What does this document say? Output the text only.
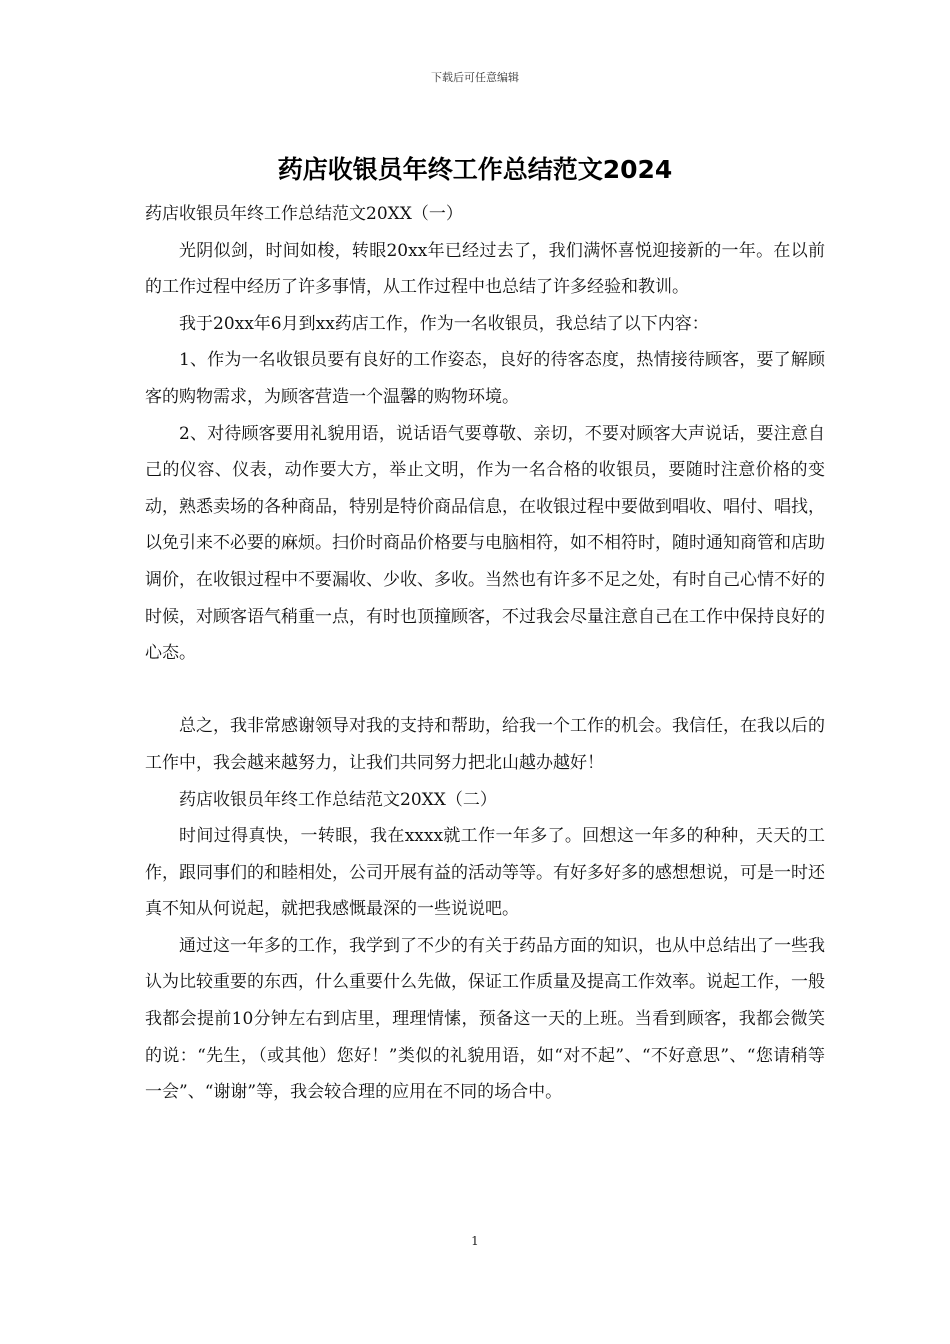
下载后可任意编辑
药店收银员年终工作总结范文2024

药店收银员年终工作总结范文20XX（一）

光阴似剑，时间如梭，转眼20xx年已经过去了，我们满怀喜悦迎接新的一年。在以前的工作过程中经历了许多事情，从工作过程中也总结了许多经验和教训。

我于20xx年6月到xx药店工作，作为一名收银员，我总结了以下内容：

1、作为一名收银员要有良好的工作姿态，良好的待客态度，热情接待顾客，要了解顾客的购物需求，为顾客营造一个温馨的购物环境。

2、对待顾客要用礼貌用语，说话语气要尊敬、亲切，不要对顾客大声说话，要注意自己的仪容、仪表，动作要大方，举止文明，作为一名合格的收银员，要随时注意价格的变动，熟悉卖场的各种商品，特别是特价商品信息，在收银过程中要做到唱收、唱付、唱找，以免引来不必要的麻烦。扫价时商品价格要与电脑相符，如不相符时，随时通知商管和店助调价，在收银过程中不要漏收、少收、多收。当然也有许多不足之处，有时自己心情不好的时候，对顾客语气稍重一点，有时也顶撞顾客，不过我会尽量注意自己在工作中保持良好的心态。

总之，我非常感谢领导对我的支持和帮助，给我一个工作的机会。我信任，在我以后的工作中，我会越来越努力，让我们共同努力把北山越办越好！

药店收银员年终工作总结范文20XX（二）

时间过得真快，一转眼，我在xxxx就工作一年多了。回想这一年多的种种，天天的工作，跟同事们的和睦相处，公司开展有益的活动等等。有好多好多的感想想说，可是一时还真不知从何说起，就把我感慨最深的一些说说吧。

通过这一年多的工作，我学到了不少的有关于药品方面的知识，也从中总结出了一些我认为比较重要的东西，什么重要什么先做，保证工作质量及提高工作效率。说起工作，一般我都会提前10分钟左右到店里，理理情愫，预备这一天的上班。当看到顾客，我都会微笑的说：“先生，（或其他）您好！”类似的礼貌用语，如“对不起”、“不好意思”、“您请稍等一会”、“谢谢”等，我会较合理的应用在不同的场合中。

1
